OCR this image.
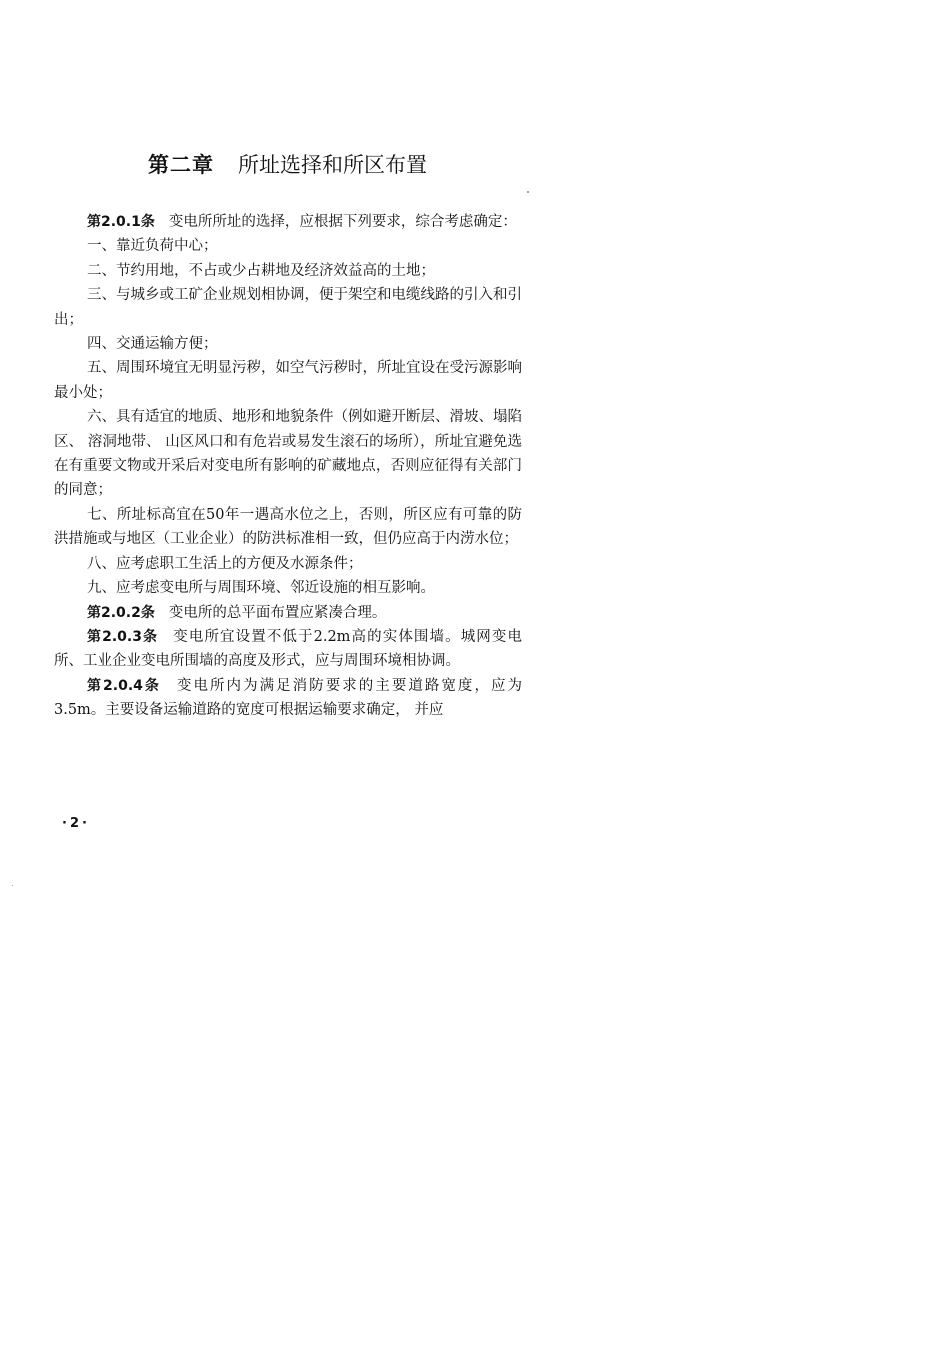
第二章 所址选择和所区布置

第2.0.1条 变电所所址的选择，应根据下列要求，综合考虑确定：

一、靠近负荷中心；

二、节约用地，不占或少占耕地及经济效益高的土地；

三、与城乡或工矿企业规划相协调，便于架空和电缆线路的引入和引出；

四、交通运输方便；

五、周围环境宜无明显污秽，如空气污秽时，所址宜设在受污源影响最小处；

六、具有适宜的地质、地形和地貌条件（例如避开断层、滑坡、塌陷区、 溶洞地带、 山区风口和有危岩或易发生滚石的场所），所址宜避免选在有重要文物或开采后对变电所有影响的矿藏地点，否则应征得有关部门的同意；

七、所址标高宜在50年一遇高水位之上，否则，所区应有可靠的防洪措施或与地区（工业企业）的防洪标准相一致，但仍应高于内涝水位；

八、应考虑职工生活上的方便及水源条件；

九、应考虑变电所与周围环境、邻近设施的相互影响。

第2.0.2条 变电所的总平面布置应紧凑合理。

第2.0.3条 变电所宜设置不低于2.2m高的实体围墙。城网变电所、工业企业变电所围墙的高度及形式，应与周围环境相协调。

第2.0.4条 变电所内为满足消防要求的主要道路宽度，应为3.5m。主要设备运输道路的宽度可根据运输要求确定， 并应

·2·
